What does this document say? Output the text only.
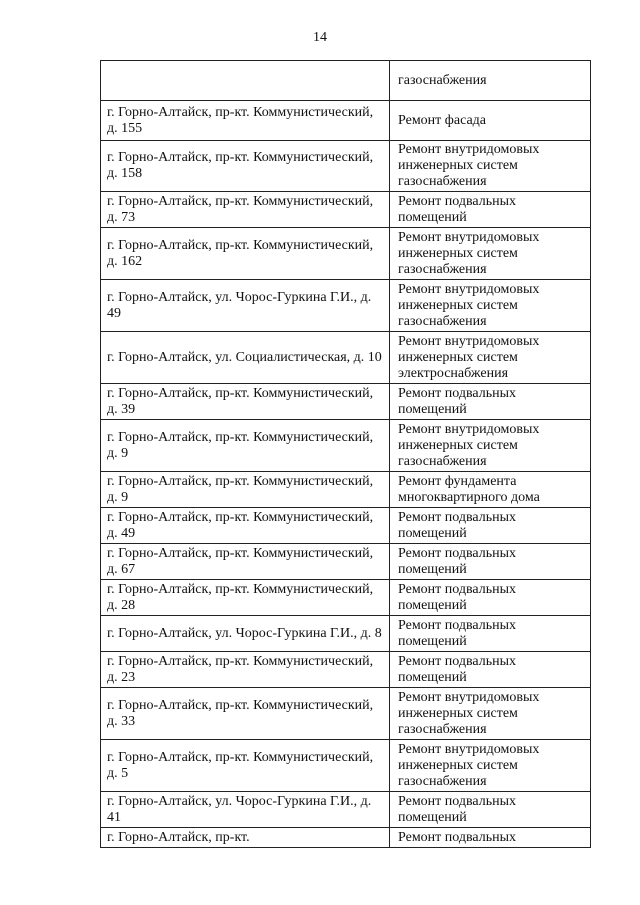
14
	газоснабжения
г. Горно-Алтайск, пр-кт. Коммунистический, д. 155	Ремонт фасада
г. Горно-Алтайск, пр-кт. Коммунистический, д. 158	Ремонт внутридомовых инженерных систем газоснабжения
г. Горно-Алтайск, пр-кт. Коммунистический, д. 73	Ремонт подвальных помещений
г. Горно-Алтайск, пр-кт. Коммунистический, д. 162	Ремонт внутридомовых инженерных систем газоснабжения
г. Горно-Алтайск, ул. Чорос-Гуркина Г.И., д. 49	Ремонт внутридомовых инженерных систем газоснабжения
г. Горно-Алтайск, ул. Социалистическая, д. 10	Ремонт внутридомовых инженерных систем электроснабжения
г. Горно-Алтайск, пр-кт. Коммунистический, д. 39	Ремонт подвальных помещений
г. Горно-Алтайск, пр-кт. Коммунистический, д. 9	Ремонт внутридомовых инженерных систем газоснабжения
г. Горно-Алтайск, пр-кт. Коммунистический, д. 9	Ремонт фундамента многоквартирного дома
г. Горно-Алтайск, пр-кт. Коммунистический, д. 49	Ремонт подвальных помещений
г. Горно-Алтайск, пр-кт. Коммунистический, д. 67	Ремонт подвальных помещений
г. Горно-Алтайск, пр-кт. Коммунистический, д. 28	Ремонт подвальных помещений
г. Горно-Алтайск, ул. Чорос-Гуркина Г.И., д. 8	Ремонт подвальных помещений
г. Горно-Алтайск, пр-кт. Коммунистический, д. 23	Ремонт подвальных помещений
г. Горно-Алтайск, пр-кт. Коммунистический, д. 33	Ремонт внутридомовых инженерных систем газоснабжения
г. Горно-Алтайск, пр-кт. Коммунистический, д. 5	Ремонт внутридомовых инженерных систем газоснабжения
г. Горно-Алтайск, ул. Чорос-Гуркина Г.И., д. 41	Ремонт подвальных помещений
г. Горно-Алтайск, пр-кт.	Ремонт подвальных
